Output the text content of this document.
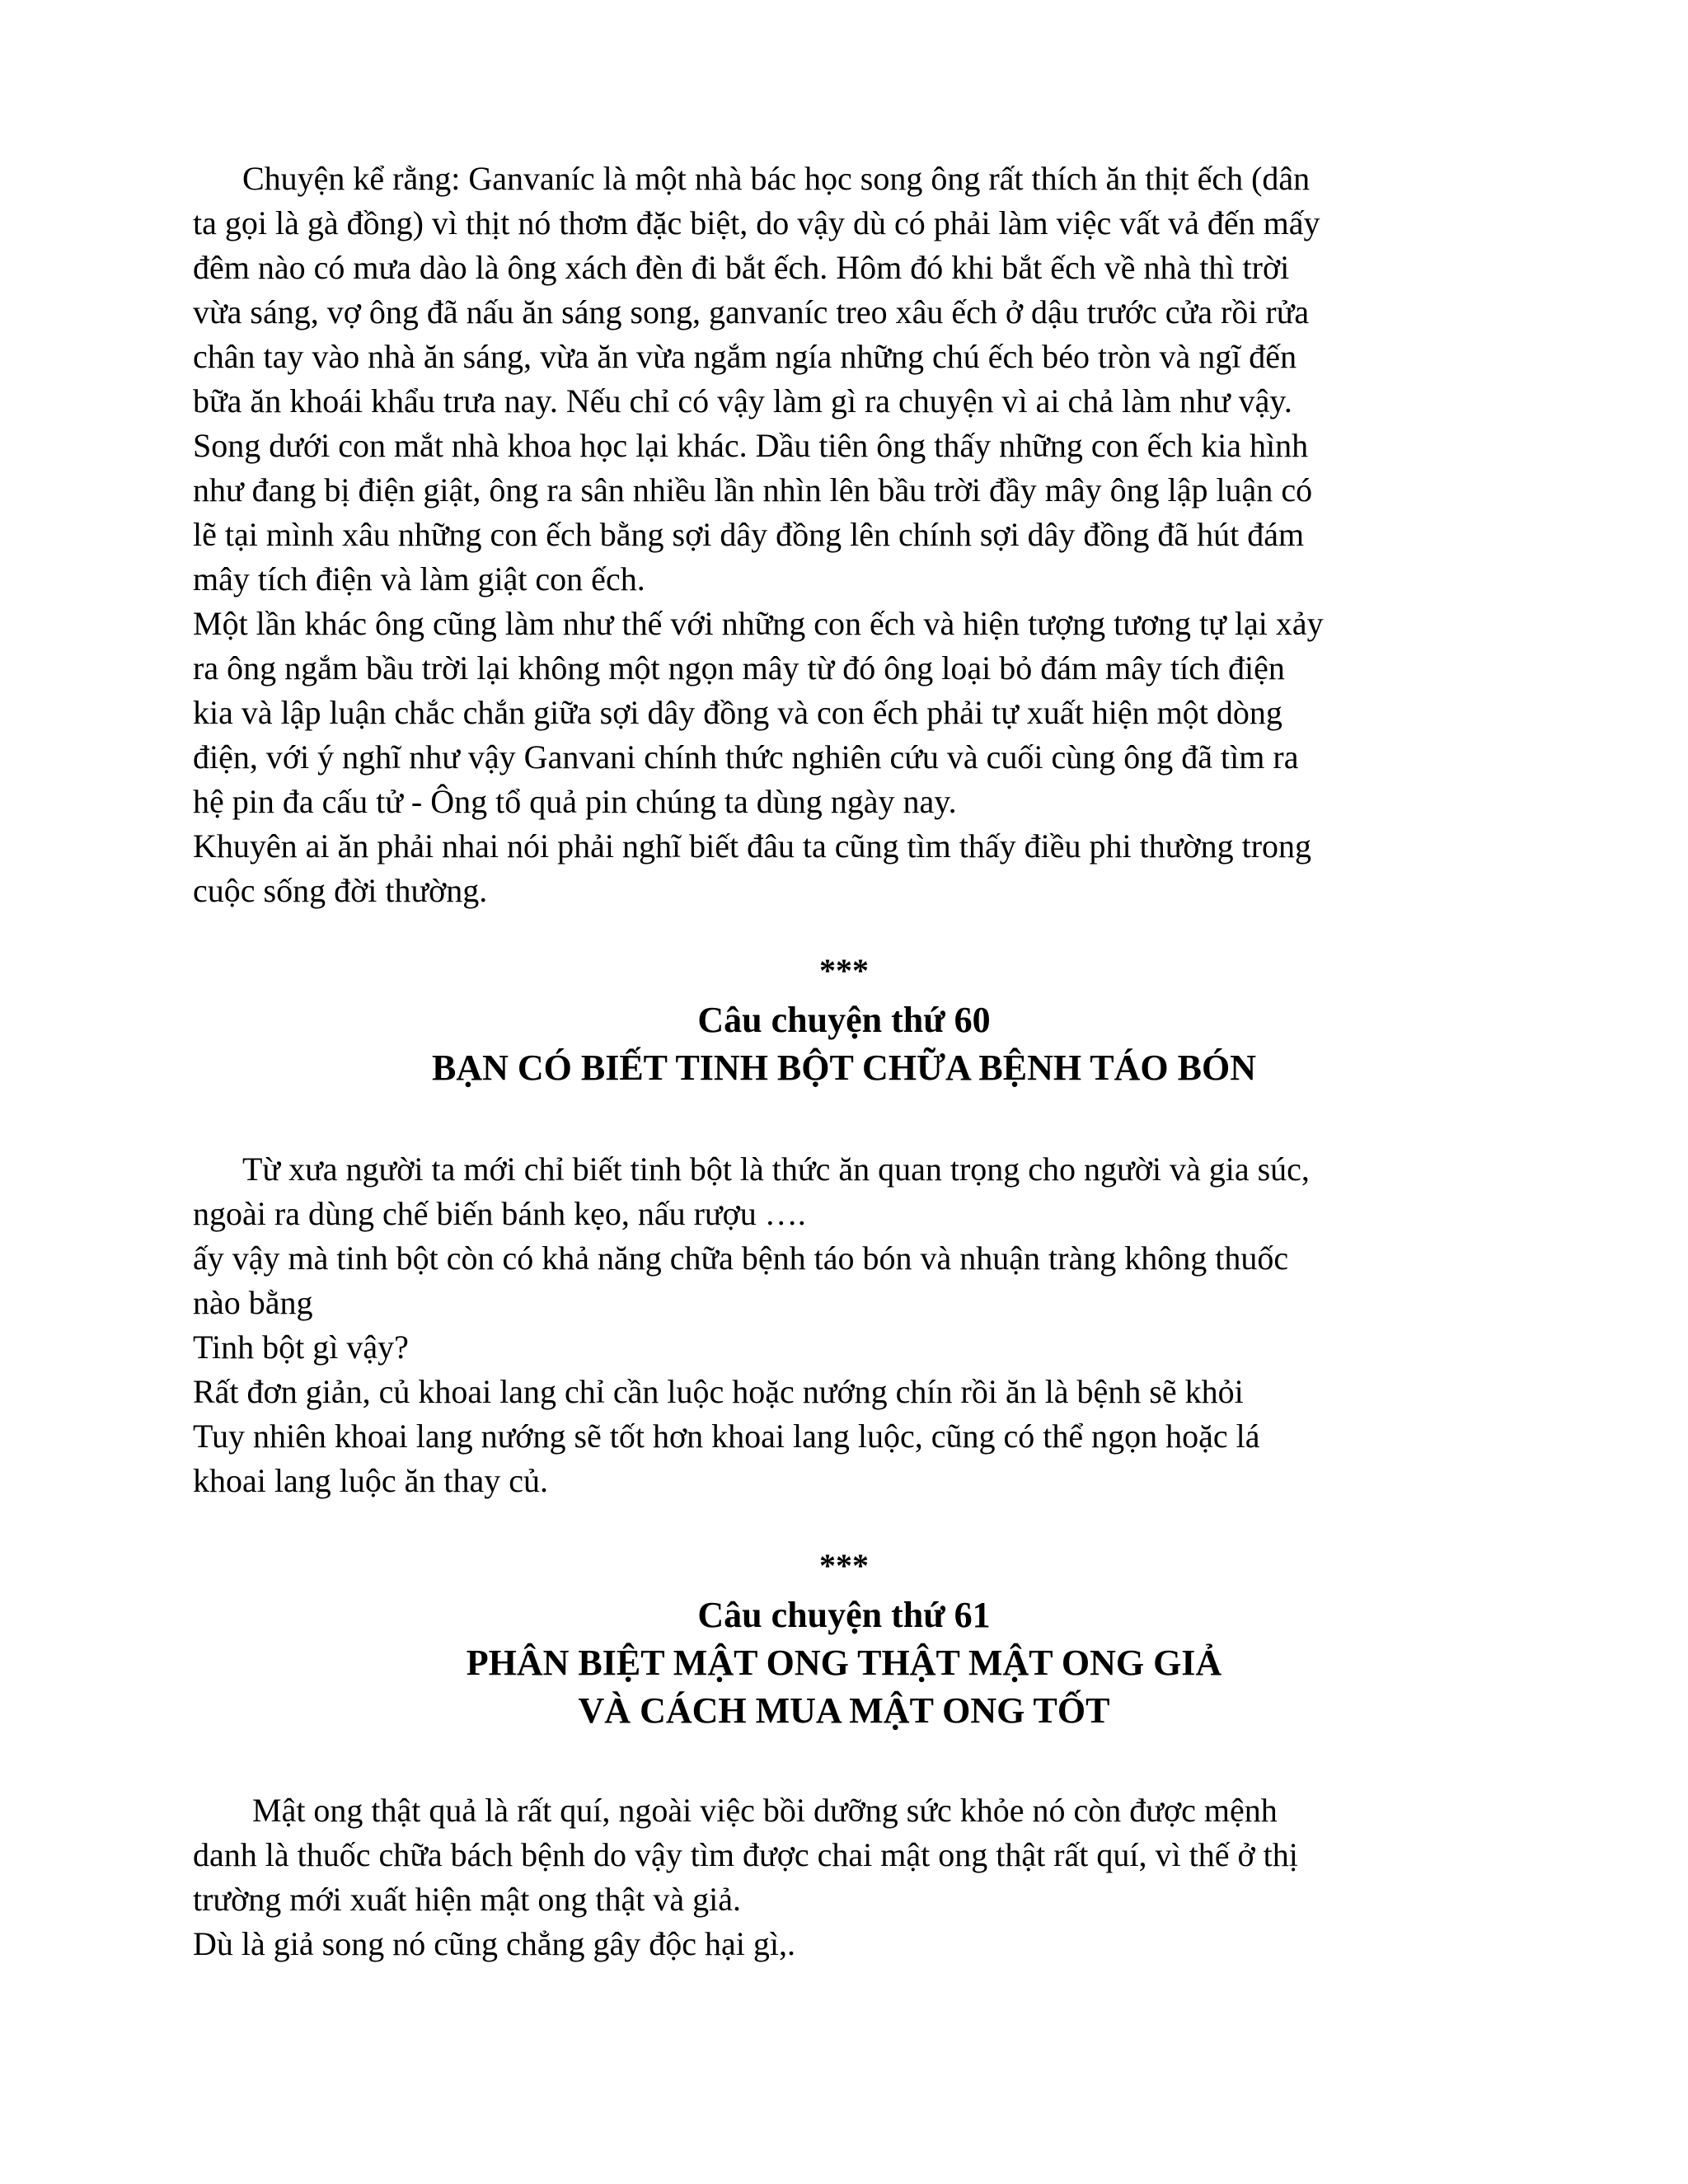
Chuyện kể rằng: Ganvaníc là một nhà bác học song ông rất thích ăn thịt ếch (dân
ta gọi là gà đồng) vì thịt nó thơm đặc biệt, do vậy dù có phải làm việc vất vả đến mấy
đêm nào có mưa dào là ông xách đèn đi bắt ếch. Hôm đó khi bắt ếch về nhà thì trời
vừa sáng, vợ ông đã nấu ăn sáng song, ganvaníc treo xâu ếch ở dậu trước cửa rồi rửa
chân tay vào nhà ăn sáng, vừa ăn vừa ngắm ngía những chú ếch béo tròn và ngĩ đến
bữa ăn khoái khẩu trưa nay. Nếu chỉ có vậy làm gì ra chuyện vì ai chả làm như vậy.
Song dưới con mắt nhà khoa học lại khác. Dầu tiên ông thấy những con ếch kia hình
như đang bị điện giật, ông ra sân nhiều lần nhìn lên bầu trời đầy mây ông lập luận có
lẽ tại mình xâu những con ếch bằng sợi dây đồng lên chính sợi dây đồng đã hút đám
mây tích điện và làm giật con ếch.
Một lần khác ông cũng làm như thế với những con ếch và hiện tượng tương tự lại xảy
ra ông ngắm bầu trời lại không một ngọn mây từ đó ông loại bỏ đám mây tích điện
kia và lập luận chắc chắn giữa sợi dây đồng và con ếch phải tự xuất hiện một dòng
điện, với ý nghĩ như vậy Ganvani chính thức nghiên cứu và cuối cùng ông đã tìm ra
hệ pin đa cấu tử - Ông tổ quả pin chúng ta dùng ngày nay.
Khuyên ai ăn phải nhai nói phải nghĩ biết đâu ta cũng tìm thấy điều phi thường trong
cuộc sống đời thường.
***
Câu chuyện thứ 60
BẠN CÓ BIẾT TINH BỘT CHỮA BỆNH TÁO BÓN
Từ xưa người ta mới chỉ biết tinh bột là thức ăn quan trọng cho người và gia súc,
ngoài ra dùng chế biến bánh kẹo, nấu rượu ….
ấy vậy mà tinh bột còn có khả năng chữa bệnh táo bón và nhuận tràng không thuốc
nào bằng
Tinh bột gì vậy?
Rất đơn giản, củ khoai lang chỉ cần luộc hoặc nướng chín rồi ăn là bệnh sẽ khỏi
Tuy nhiên khoai lang nướng sẽ tốt hơn khoai lang luộc, cũng có thể ngọn hoặc lá
khoai lang luộc ăn thay củ.
***
Câu chuyện thứ 61
PHÂN BIỆT MẬT ONG THẬT MẬT ONG GIẢ
VÀ CÁCH MUA MẬT ONG TỐT
Mật ong thật quả là rất quí, ngoài việc bồi dưỡng sức khỏe nó còn được mệnh
danh là thuốc chữa bách bệnh do vậy tìm được chai mật ong thật rất quí, vì thế ở thị
trường mới xuất hiện mật ong thật và giả.
Dù là giả song nó cũng chẳng gây độc hại gì,.
